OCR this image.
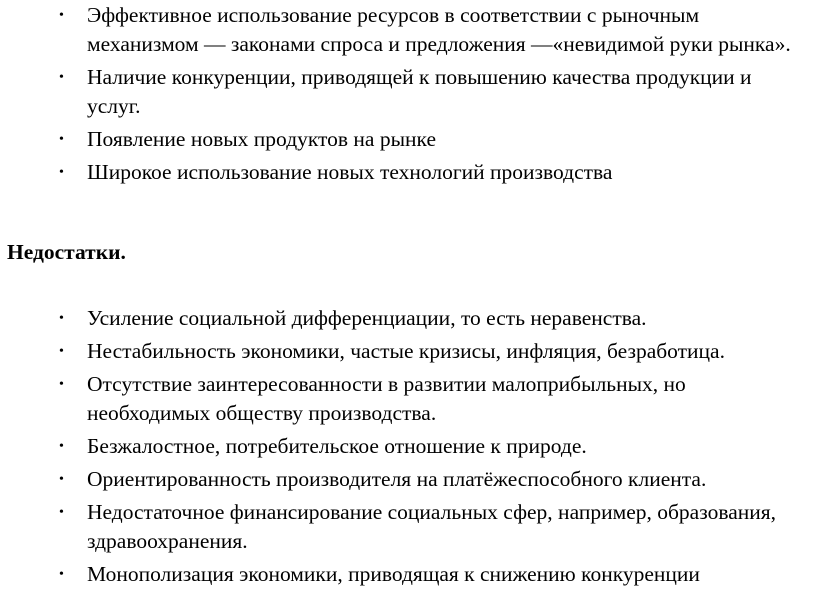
• Эффективное использование ресурсов в соответствии с рыночным механизмом — законами спроса и предложения —«невидимой руки рынка».
• Наличие конкуренции, приводящей к повышению качества продукции и услуг.
• Появление новых продуктов на рынке
• Широкое использование новых технологий производства

Недостатки.

• Усиление социальной дифференциации, то есть неравенства.
• Нестабильность экономики, частые кризисы, инфляция, безработица.
• Отсутствие заинтересованности в развитии малоприбыльных, но необходимых обществу производства.
• Безжалостное, потребительское отношение к природе.
• Ориентированность производителя на платёжеспособного клиента.
• Недостаточное финансирование социальных сфер, например, образования, здравоохранения.
• Монополизация экономики, приводящая к снижению конкуренции
